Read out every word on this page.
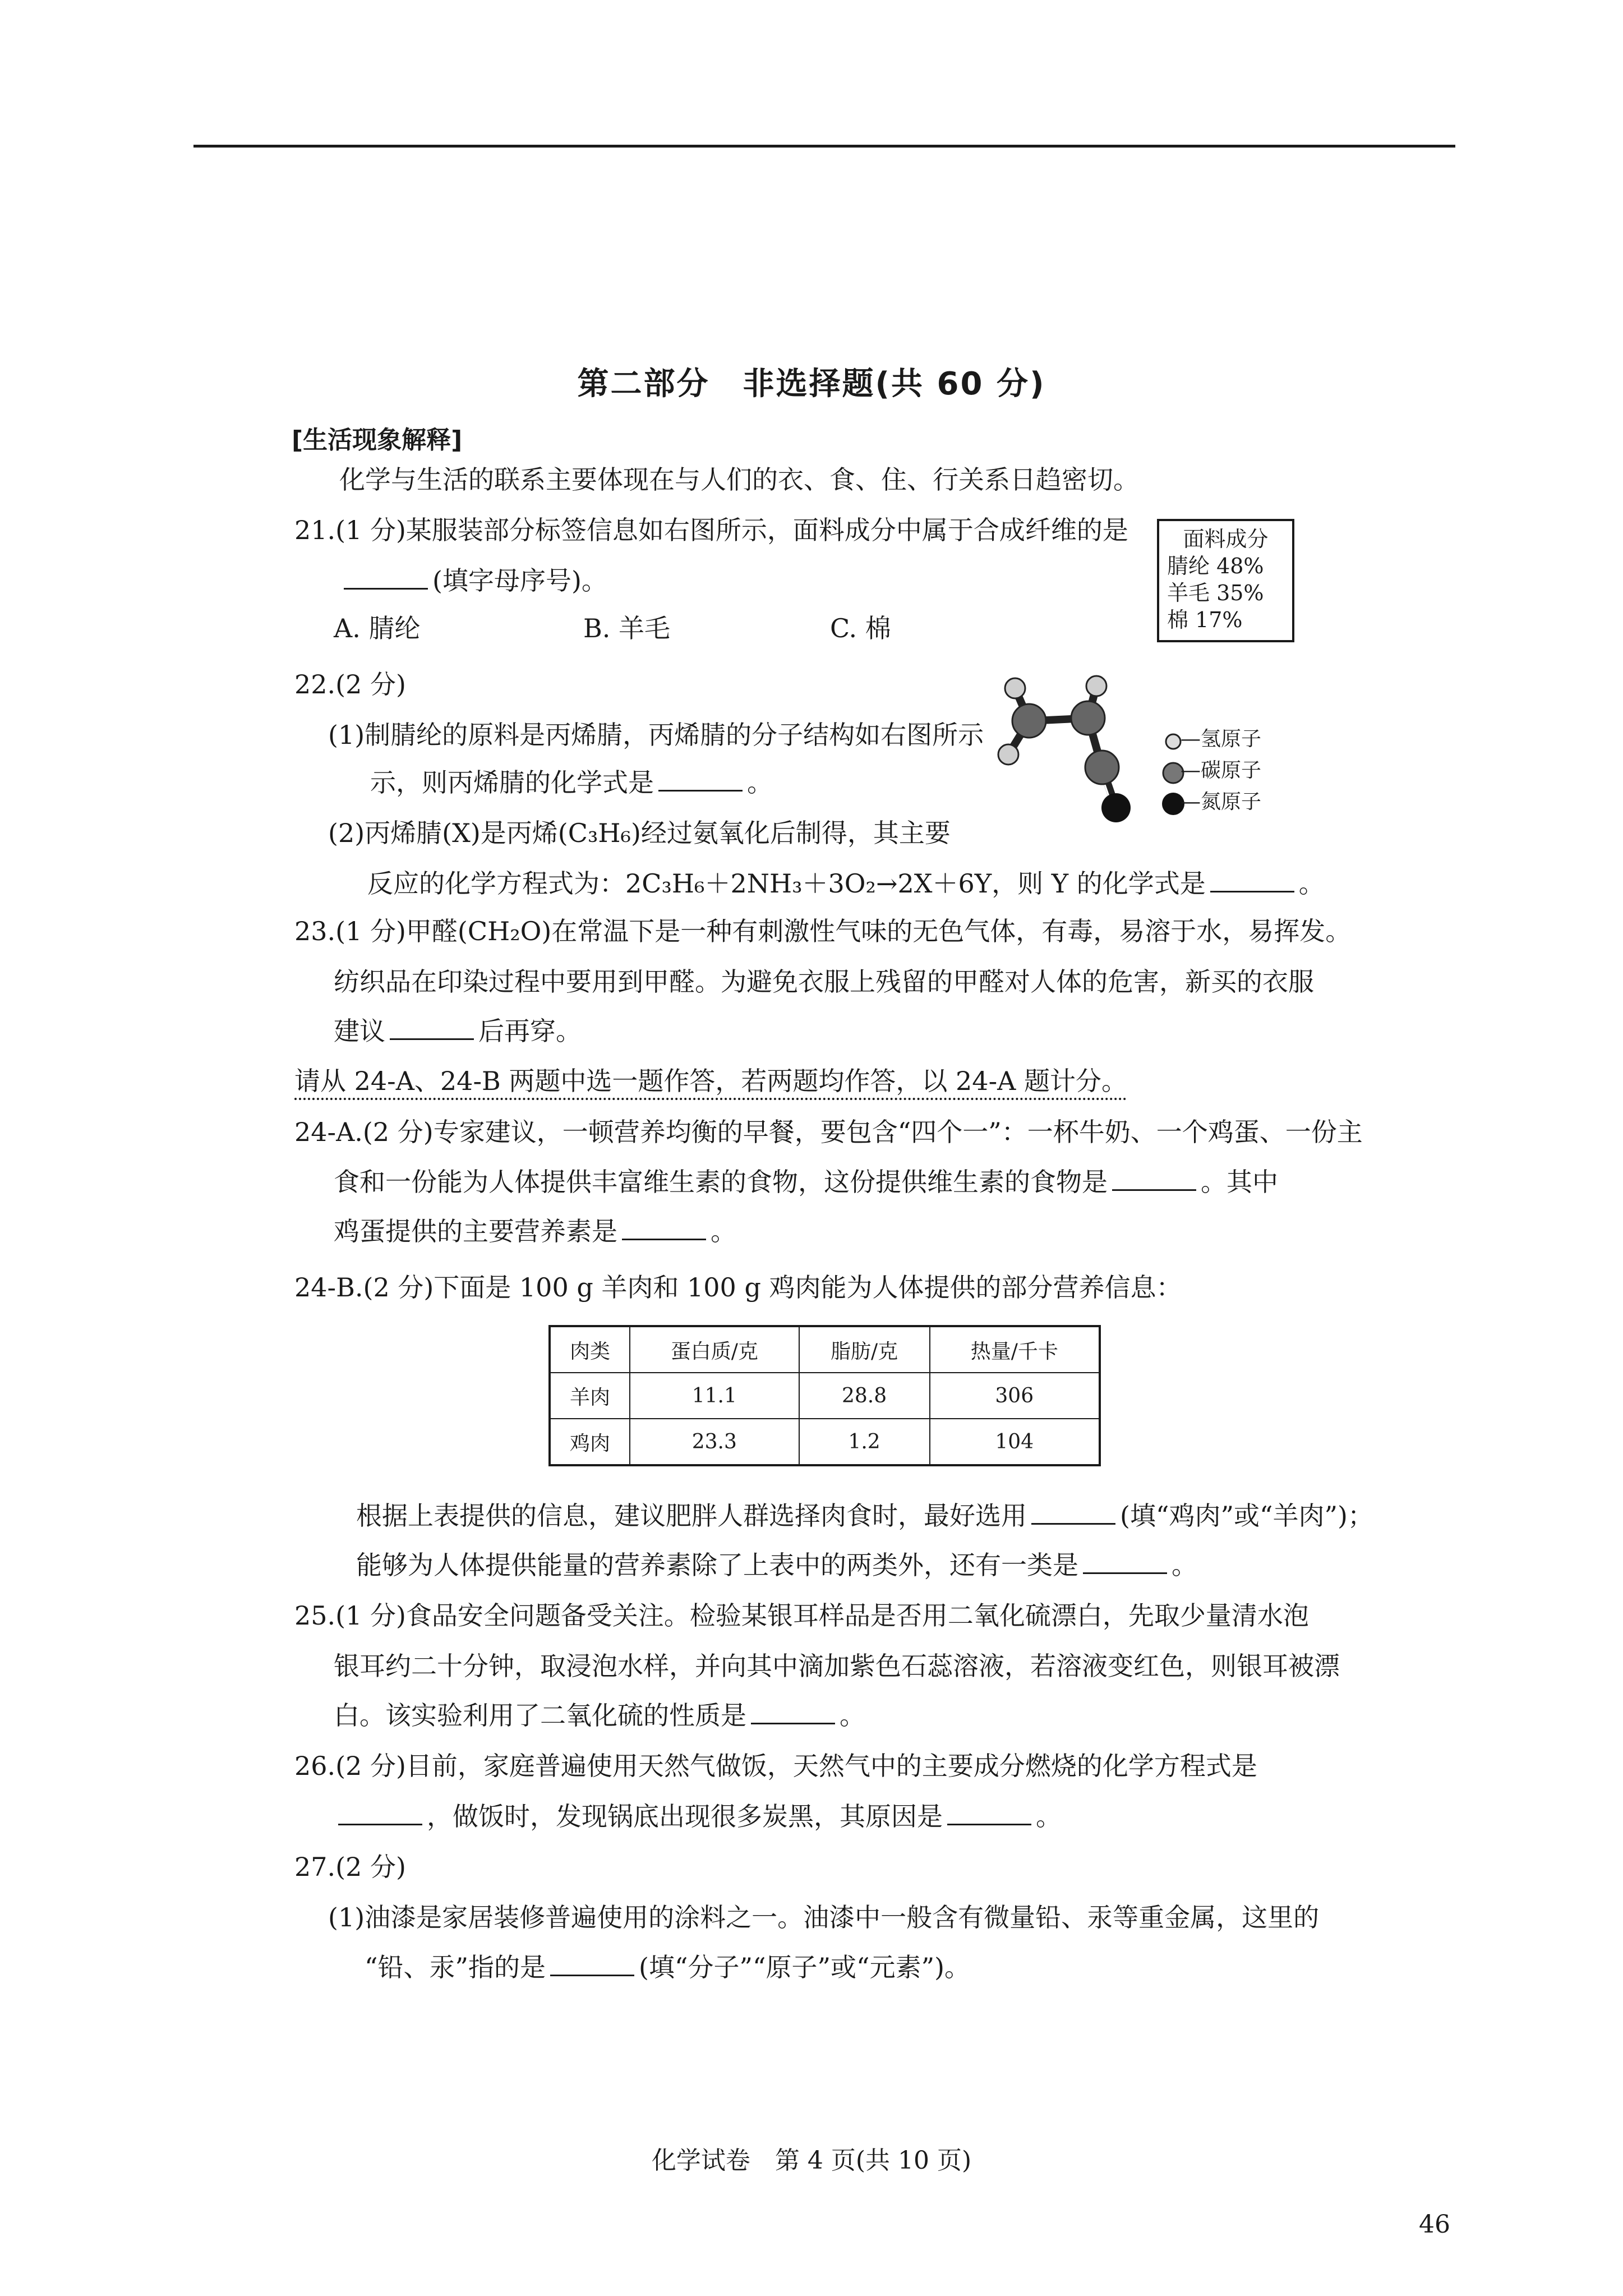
第二部分　非选择题(共 60 分)
[生活现象解释]
化学与生活的联系主要体现在与人们的衣、食、住、行关系日趋密切。
21.(1 分)某服装部分标签信息如右图所示，面料成分中属于合成纤维的是
(填字母序号)。
A. 腈纶	B. 羊毛	C. 棉
面料成分
腈纶 48%
羊毛 35%
棉 17%
22.(2 分)
(1)制腈纶的原料是丙烯腈，丙烯腈的分子结构如右图所示
示，则丙烯腈的化学式是	。
(2)丙烯腈(X)是丙烯(C₃H₆)经过氨氧化后制得，其主要
反应的化学方程式为：2C₃H₆＋2NH₃＋3O₂→2X＋6Y，则 Y 的化学式是	。
—氢原子
—碳原子
—氮原子
23.(1 分)甲醛(CH₂O)在常温下是一种有刺激性气味的无色气体，有毒，易溶于水，易挥发。
纺织品在印染过程中要用到甲醛。为避免衣服上残留的甲醛对人体的危害，新买的衣服
建议	后再穿。
请从 24-A、24-B 两题中选一题作答，若两题均作答，以 24-A 题计分。
24-A.(2 分)专家建议，一顿营养均衡的早餐，要包含“四个一”：一杯牛奶、一个鸡蛋、一份主
食和一份能为人体提供丰富维生素的食物，这份提供维生素的食物是	。其中
鸡蛋提供的主要营养素是	。
24-B.(2 分)下面是 100 g 羊肉和 100 g 鸡肉能为人体提供的部分营养信息：
肉类	蛋白质/克	脂肪/克	热量/千卡
羊肉	11.1	28.8	306
鸡肉	23.3	1.2	104
根据上表提供的信息，建议肥胖人群选择肉食时，最好选用	(填“鸡肉”或“羊肉”)；
能够为人体提供能量的营养素除了上表中的两类外，还有一类是	。
25.(1 分)食品安全问题备受关注。检验某银耳样品是否用二氧化硫漂白，先取少量清水泡
银耳约二十分钟，取浸泡水样，并向其中滴加紫色石蕊溶液，若溶液变红色，则银耳被漂
白。该实验利用了二氧化硫的性质是	。
26.(2 分)目前，家庭普遍使用天然气做饭，天然气中的主要成分燃烧的化学方程式是
，做饭时，发现锅底出现很多炭黑，其原因是	。
27.(2 分)
(1)油漆是家居装修普遍使用的涂料之一。油漆中一般含有微量铅、汞等重金属，这里的
“铅、汞”指的是	(填“分子”“原子”或“元素”)。
化学试卷　第 4 页(共 10 页)
46
